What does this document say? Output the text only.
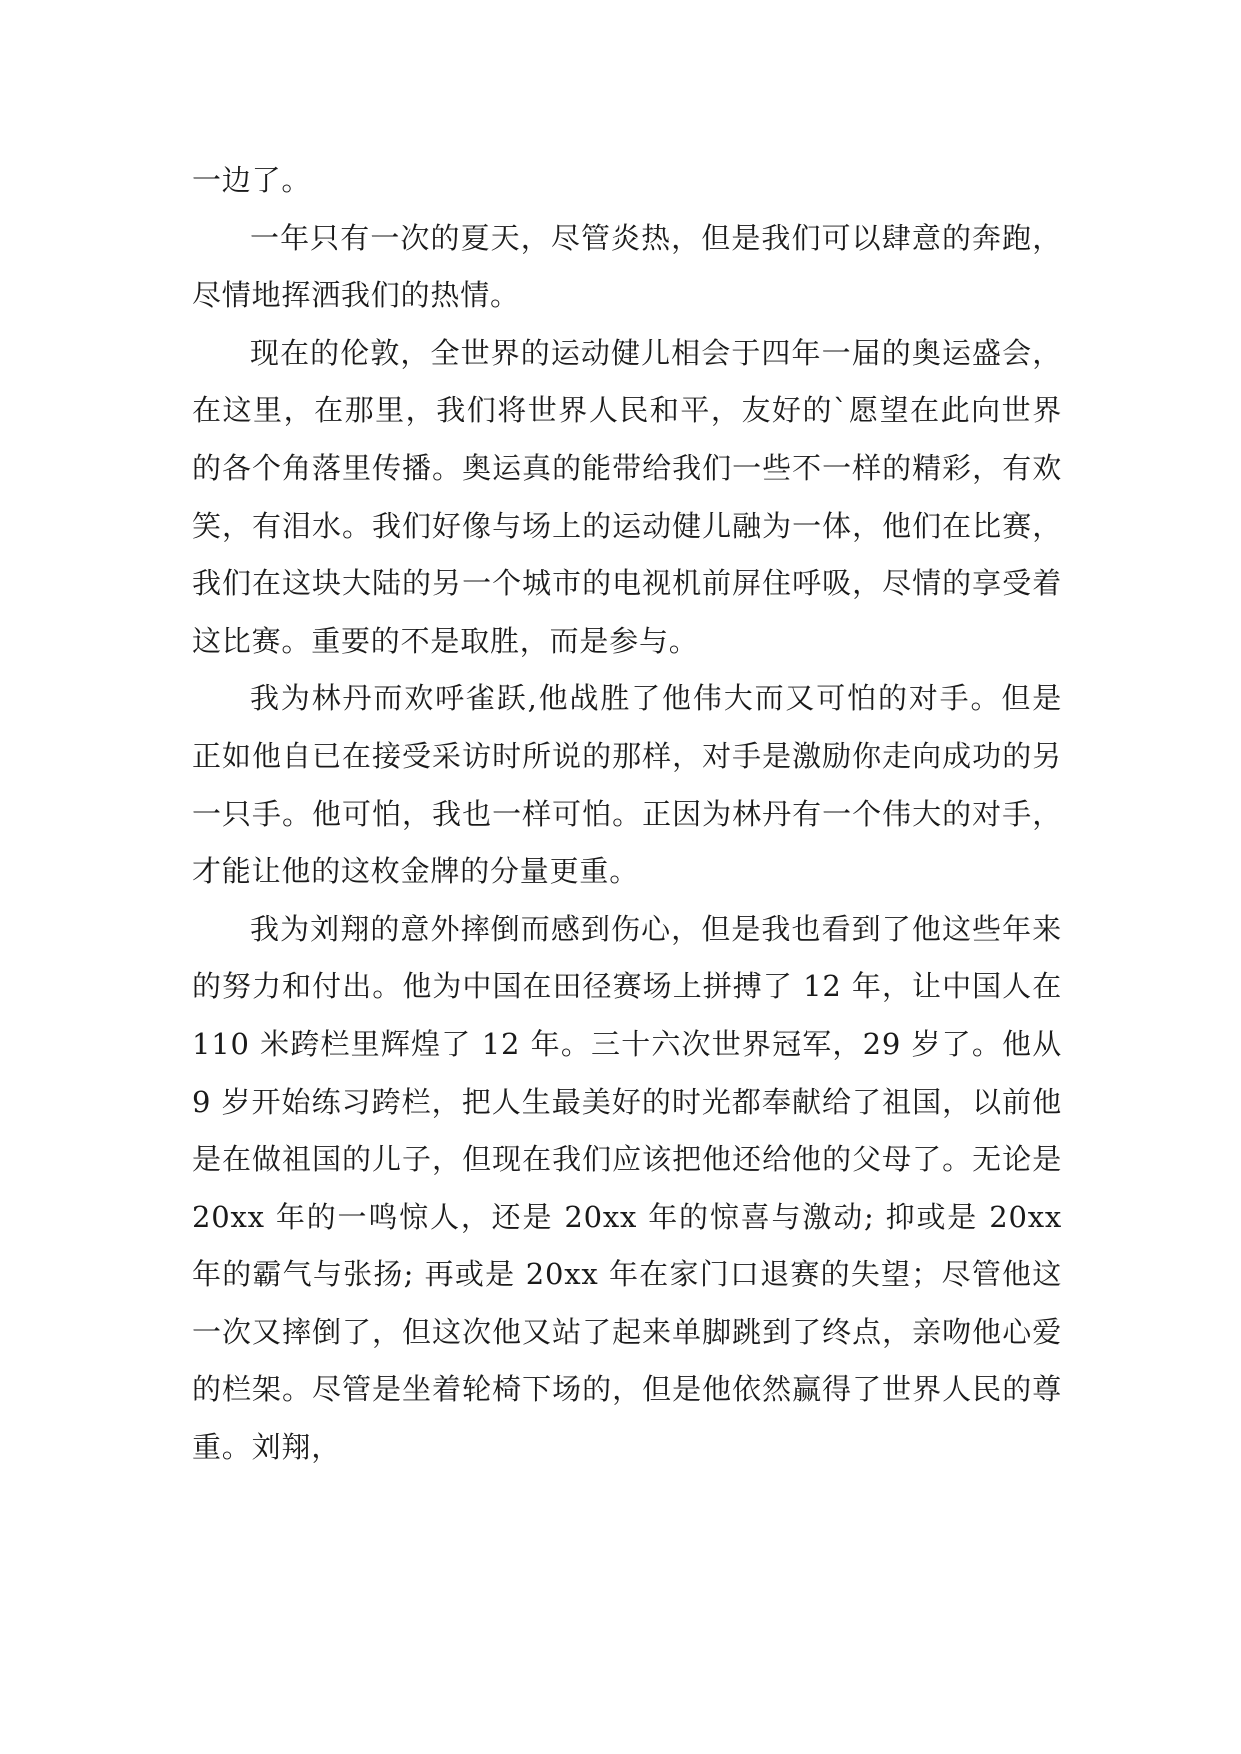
一边了。

一年只有一次的夏天，尽管炎热，但是我们可以肆意的奔跑，尽情地挥洒我们的热情。

现在的伦敦，全世界的运动健儿相会于四年一届的奥运盛会，在这里，在那里，我们将世界人民和平，友好的`愿望在此向世界的各个角落里传播。奥运真的能带给我们一些不一样的精彩，有欢笑，有泪水。我们好像与场上的运动健儿融为一体，他们在比赛，我们在这块大陆的另一个城市的电视机前屏住呼吸，尽情的享受着这比赛。重要的不是取胜，而是参与。

我为林丹而欢呼雀跃,他战胜了他伟大而又可怕的对手。但是正如他自已在接受采访时所说的那样，对手是激励你走向成功的另一只手。他可怕，我也一样可怕。正因为林丹有一个伟大的对手，才能让他的这枚金牌的分量更重。

我为刘翔的意外摔倒而感到伤心，但是我也看到了他这些年来的努力和付出。他为中国在田径赛场上拼搏了 12 年，让中国人在 110 米跨栏里辉煌了 12 年。三十六次世界冠军，29 岁了。他从 9 岁开始练习跨栏，把人生最美好的时光都奉献给了祖国，以前他是在做祖国的儿子，但现在我们应该把他还给他的父母了。无论是 20xx 年的一鸣惊人，还是 20xx 年的惊喜与激动; 抑或是 20xx 年的霸气与张扬; 再或是 20xx 年在家门口退赛的失望；尽管他这一次又摔倒了，但这次他又站了起来单脚跳到了终点，亲吻他心爱的栏架。尽管是坐着轮椅下场的，但是他依然赢得了世界人民的尊重。刘翔，
